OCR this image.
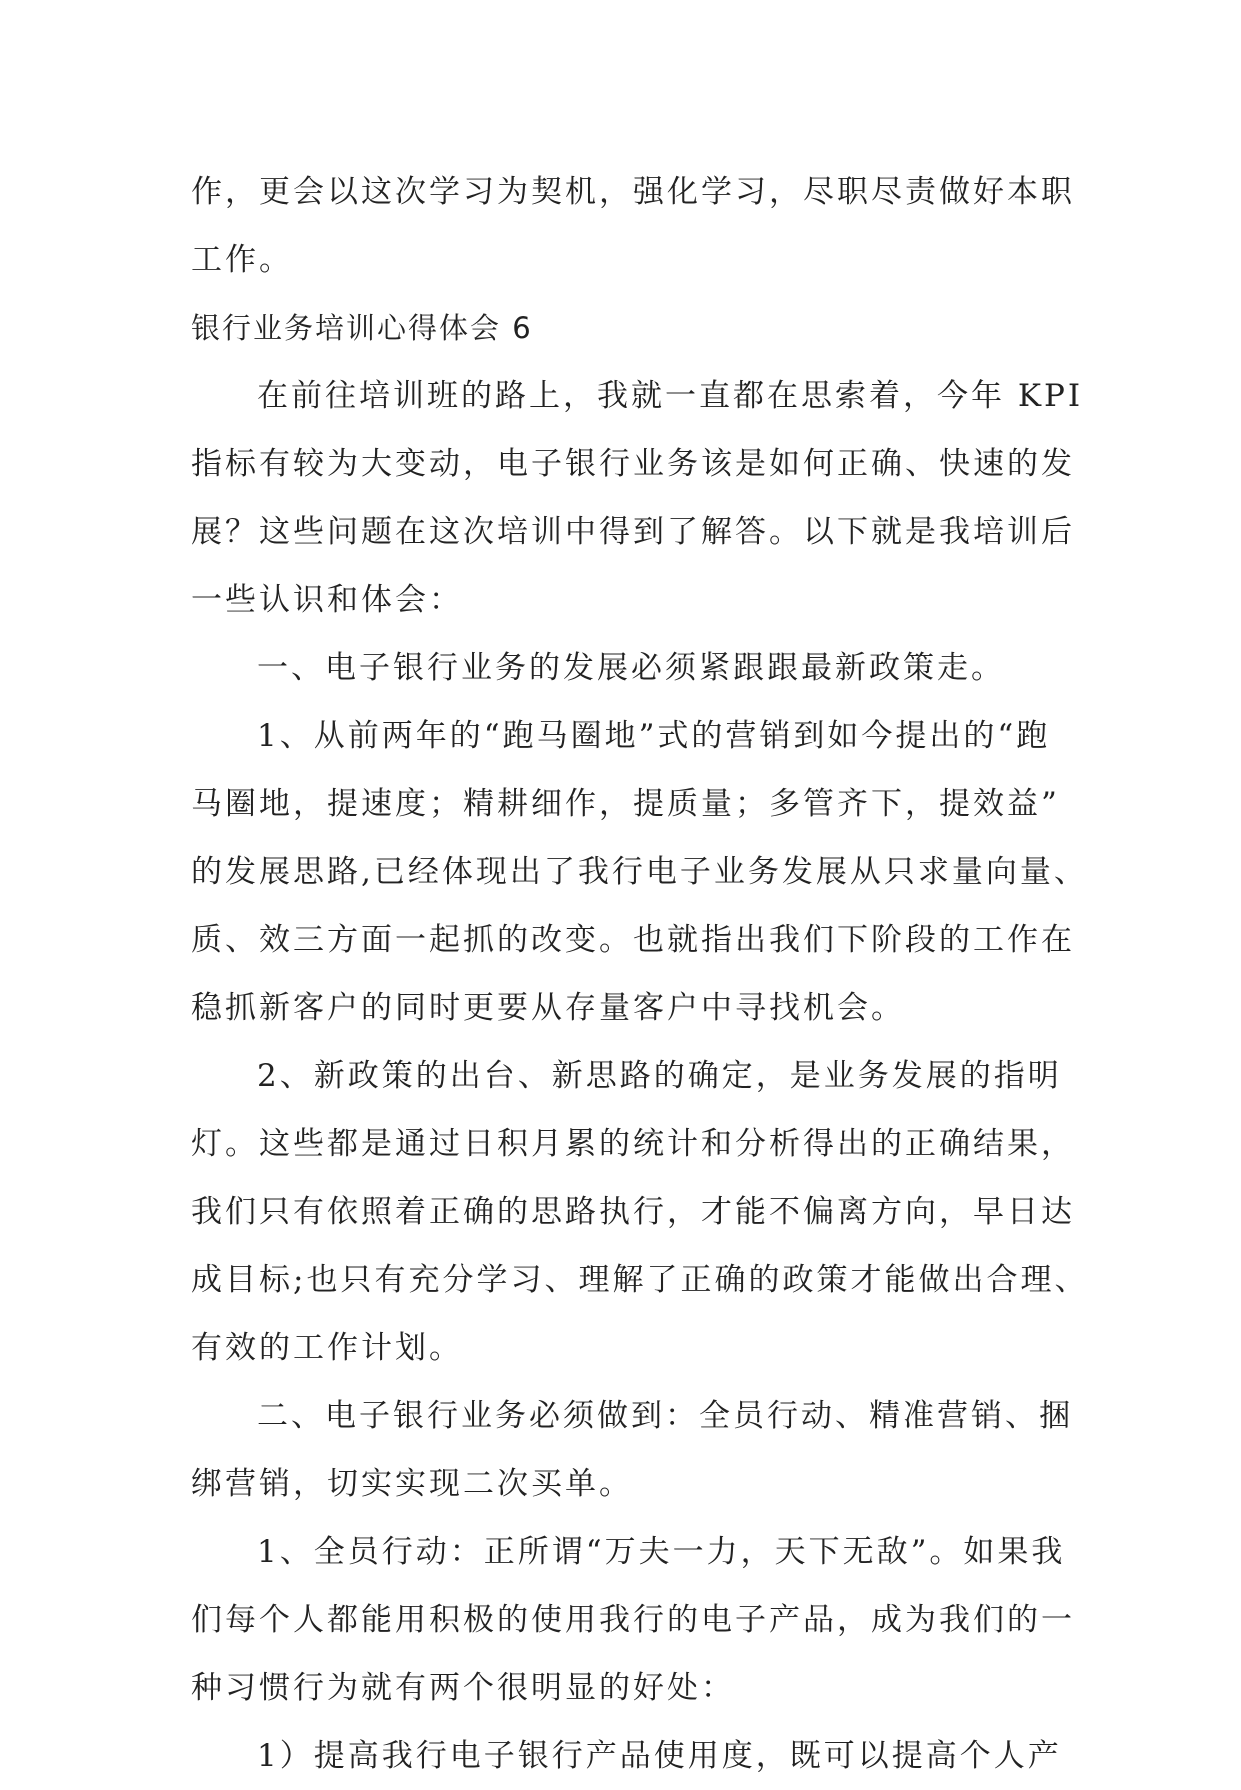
作，更会以这次学习为契机，强化学习，尽职尽责做好本职
工作。
银行业务培训心得体会 6
在前往培训班的路上，我就一直都在思索着，今年 KPI
指标有较为大变动，电子银行业务该是如何正确、快速的发
展？这些问题在这次培训中得到了解答。以下就是我培训后
一些认识和体会：
一、电子银行业务的发展必须紧跟跟最新政策走。
1、从前两年的“跑马圈地”式的营销到如今提出的“跑
马圈地，提速度；精耕细作，提质量；多管齐下，提效益”
的发展思路,已经体现出了我行电子业务发展从只求量向量、
质、效三方面一起抓的改变。也就指出我们下阶段的工作在
稳抓新客户的同时更要从存量客户中寻找机会。
2、新政策的出台、新思路的确定，是业务发展的指明
灯。这些都是通过日积月累的统计和分析得出的正确结果，
我们只有依照着正确的思路执行，才能不偏离方向，早日达
成目标;也只有充分学习、理解了正确的政策才能做出合理、
有效的工作计划。
二、电子银行业务必须做到：全员行动、精准营销、捆
绑营销，切实实现二次买单。
1、全员行动：正所谓“万夫一力，天下无敌”。如果我
们每个人都能用积极的使用我行的电子产品，成为我们的一
种习惯行为就有两个很明显的好处：
1）提高我行电子银行产品使用度，既可以提高个人产
